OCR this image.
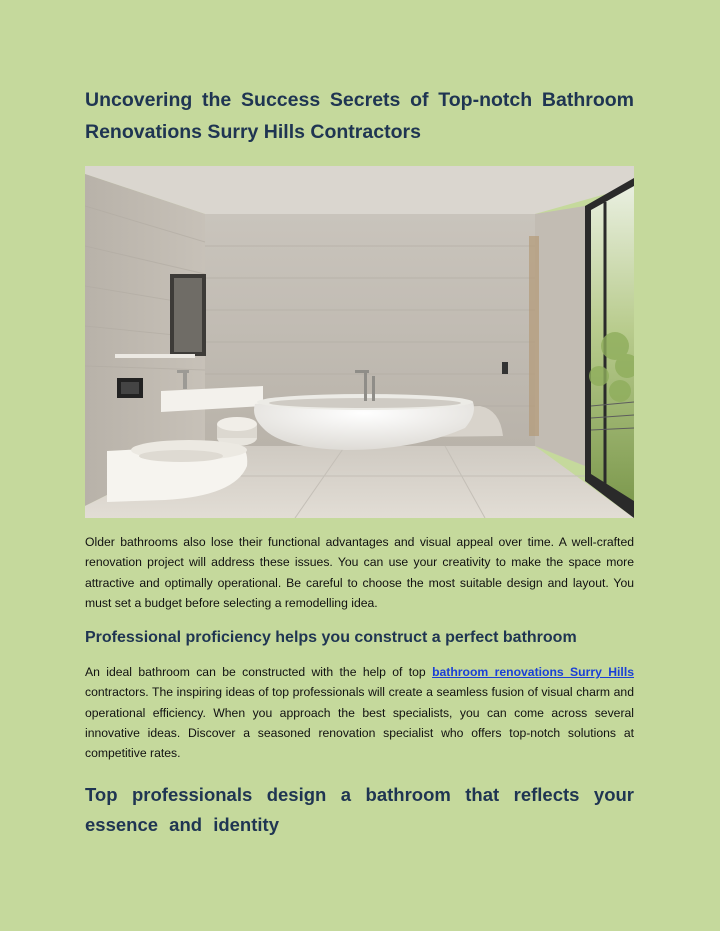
Uncovering the Success Secrets of Top-notch Bathroom Renovations Surry Hills Contractors

Older bathrooms also lose their functional advantages and visual appeal over time. A well-crafted renovation project will address these issues. You can use your creativity to make the space more attractive and optimally operational. Be careful to choose the most suitable design and layout. You must set a budget before selecting a remodelling idea.

Professional proficiency helps you construct a perfect bathroom

An ideal bathroom can be constructed with the help of top bathroom renovations Surry Hills contractors. The inspiring ideas of top professionals will create a seamless fusion of visual charm and operational efficiency. When you approach the best specialists, you can come across several innovative ideas. Discover a seasoned renovation specialist who offers top-notch solutions at competitive rates.

Top professionals design a bathroom that reflects your essence and identity
